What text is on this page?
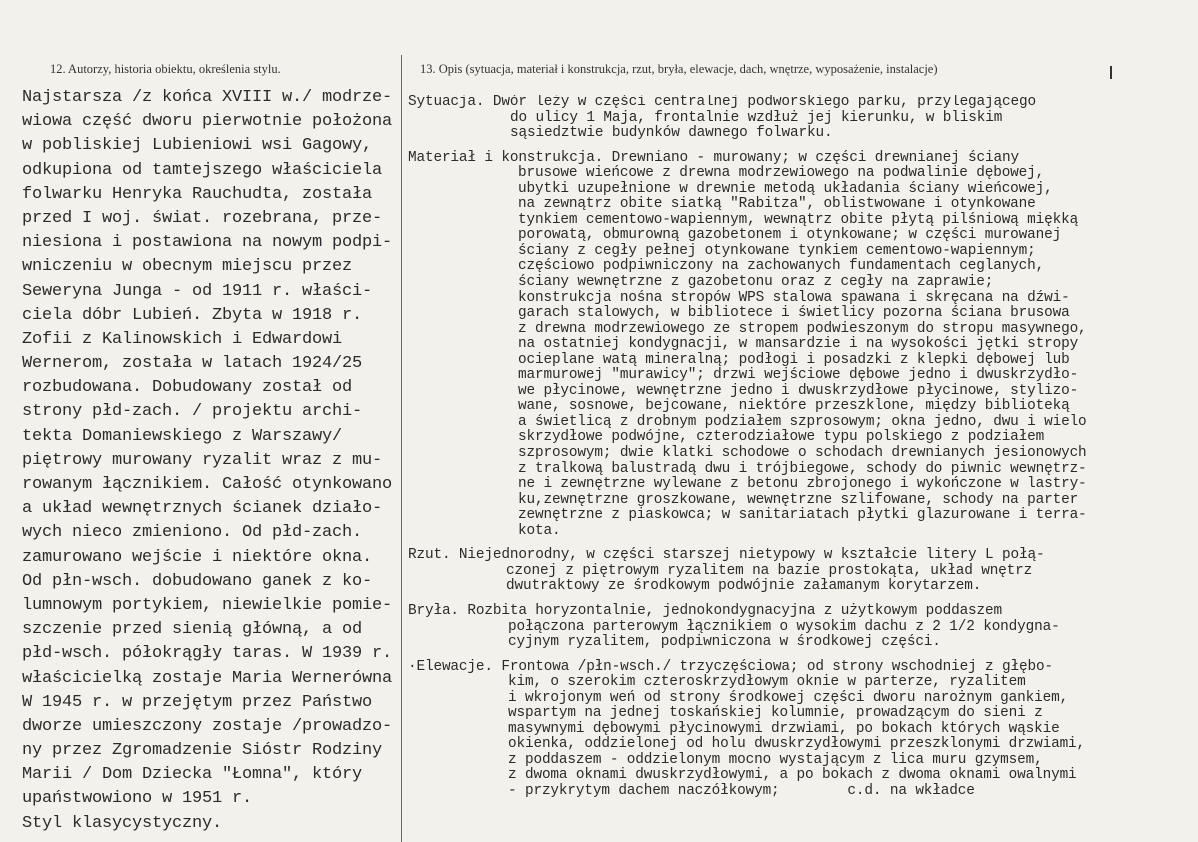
12. Autorzy, historia obiektu, określenia stylu.	13. Opis (sytuacja, materiał i konstrukcja, rzut, bryła, elewacje, dach, wnętrze, wyposażenie, instalacje)
Najstarsza /z końca XVIII w./ modrze-
wiowa część dworu pierwotnie położona
w pobliskiej Lubieniowi wsi Gagowy,
odkupiona od tamtejszego właściciela
folwarku Henryka Rauchudta, została
przed I woj. świat. rozebrana, prze-
niesiona i postawiona na nowym podpi-
wniczeniu w obecnym miejscu przez
Seweryna Junga - od 1911 r. właści-
ciela dóbr Lubień. Zbyta w 1918 r.
Zofii z Kalinowskich i Edwardowi
Wernerom, została w latach 1924/25
rozbudowana. Dobudowany został od
strony płd-zach. / projektu archi-
tekta Domaniewskiego z Warszawy/
piętrowy murowany ryzalit wraz z mu-
rowanym łącznikiem. Całość otynkowano
a układ wewnętrznych ścianek działo-
wych nieco zmieniono. Od płd-zach.
zamurowano wejście i niektóre okna.
Od płn-wsch. dobudowano ganek z ko-
lumnowym portykiem, niewielkie pomie-
szczenie przed sienią główną, a od
płd-wsch. półokrągły taras. W 1939 r.
właścicielką zostaje Maria Wernerówna
W 1945 r. w przejętym przez Państwo
dworze umieszczony zostaje /prowadzo-
ny przez Zgromadzenie Sióstr Rodziny
Marii / Dom Dziecka "Łomna", który
upaństwowiono w 1951 r.
Styl klasycystyczny.
Sytuacja. Dwór leży w części centralnej podworskiego parku, przylegającego
do ulicy 1 Maja, frontalnie wzdłuż jej kierunku, w bliskim
sąsiedztwie budynków dawnego folwarku.
Materiał i konstrukcja. Drewniano - murowany; w części drewnianej ściany
brusowe wieńcowe z drewna modrzewiowego na podwalinie dębowej,
ubytki uzupełnione w drewnie metodą układania ściany wieńcowej,
na zewnątrz obite siatką "Rabitza", oblistwowane i otynkowane
tynkiem cementowo-wapiennym, wewnątrz obite płytą pilśniową miękką
porowatą, obmurowną gazobetonem i otynkowane; w części murowanej
ściany z cegły pełnej otynkowane tynkiem cementowo-wapiennym;
częściowo podpiwniczony na zachowanych fundamentach ceglanych,
ściany wewnętrzne z gazobetonu oraz z cegły na zaprawie;
konstrukcja nośna stropów WPS stalowa spawana i skręcana na dźwi-
garach stalowych, w bibliotece i świetlicy pozorna ściana brusowa
z drewna modrzewiowego ze stropem podwieszonym do stropu masywnego,
na ostatniej kondygnacji, w mansardzie i na wysokości jętki stropy
ocieplane watą mineralną; podłogi i posadzki z klepki dębowej lub
marmurowej "murawicy"; drzwi wejściowe dębowe jedno i dwuskrzydło-
we płycinowe, wewnętrzne jedno i dwuskrzydłowe płycinowe, stylizo-
wane, sosnowe, bejcowane, niektóre przeszklone, między biblioteką
a świetlicą z drobnym podziałem szprosowym; okna jedno, dwu i wielo
skrzydłowe podwójne, czterodziałowe typu polskiego z podziałem
szprosowym; dwie klatki schodowe o schodach drewnianych jesionowych
z tralkową balustradą dwu i trójbiegowe, schody do piwnic wewnętrz-
ne i zewnętrzne wylewane z betonu zbrojonego i wykończone w lastry-
ku,zewnętrzne groszkowane, wewnętrzne szlifowane, schody na parter
zewnętrzne z piaskowca; w sanitariatach płytki glazurowane i terra-
kota.
Rzut. Niejednorodny, w części starszej nietypowy w kształcie litery L połą-
czonej z piętrowym ryzalitem na bazie prostokąta, układ wnętrz
dwutraktowy ze środkowym podwójnie załamanym korytarzem.
Bryła. Rozbita horyzontalnie, jednokondygnacyjna z użytkowym poddaszem
połączona parterowym łącznikiem o wysokim dachu z 2 1/2 kondygna-
cyjnym ryzalitem, podpiwniczona w środkowej części.
·Elewacje. Frontowa /płn-wsch./ trzyczęściowa; od strony wschodniej z głębo-
kim, o szerokim czteroskrzydłowym oknie w parterze, ryzalitem
i wkrojonym weń od strony środkowej części dworu narożnym gankiem,
wspartym na jednej toskańskiej kolumnie, prowadzącym do sieni z
masywnymi dębowymi płycinowymi drzwiami, po bokach których wąskie
okienka, oddzielonej od holu dwuskrzydłowymi przeszklonymi drzwiami,
z poddaszem - oddzielonym mocno wystającym z lica muru gzymsem,
z dwoma oknami dwuskrzydłowymi, a po bokach z dwoma oknami owalnymi
- przykrytym dachem naczółkowym;        c.d. na wkładce
